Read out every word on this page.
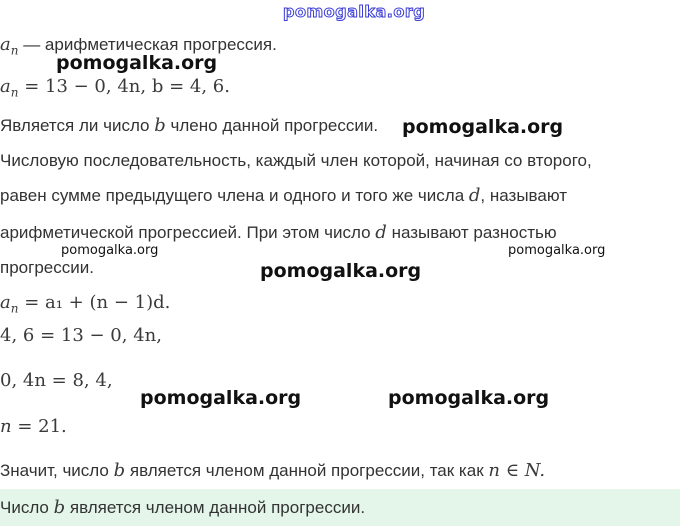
pomogalka.org
$a_n$ — арифметическая прогрессия.
pomogalka.org
$a_n = 13 - 0$, 4n, b = 4, 6.
Является ли число b члено данной прогрессии. pomogalka.org
Числовую последовательность, каждый член которой, начиная со второго,
равен сумме предыдущего члена и одного и того же числа d, называют
арифметической прогрессией. При этом число d называют разностью
pomogalka.org	pomogalka.org
прогрессии.	pomogalka.org
$a_n = a_1 + (n - 1)d$.
4, 6 = 13 − 0, 4n,
0, 4n = 8, 4,
pomogalka.org	pomogalka.org
n = 21.
Значит, число b является членом данной прогрессии, так как n ∈ N.
Число b является членом данной прогрессии.
